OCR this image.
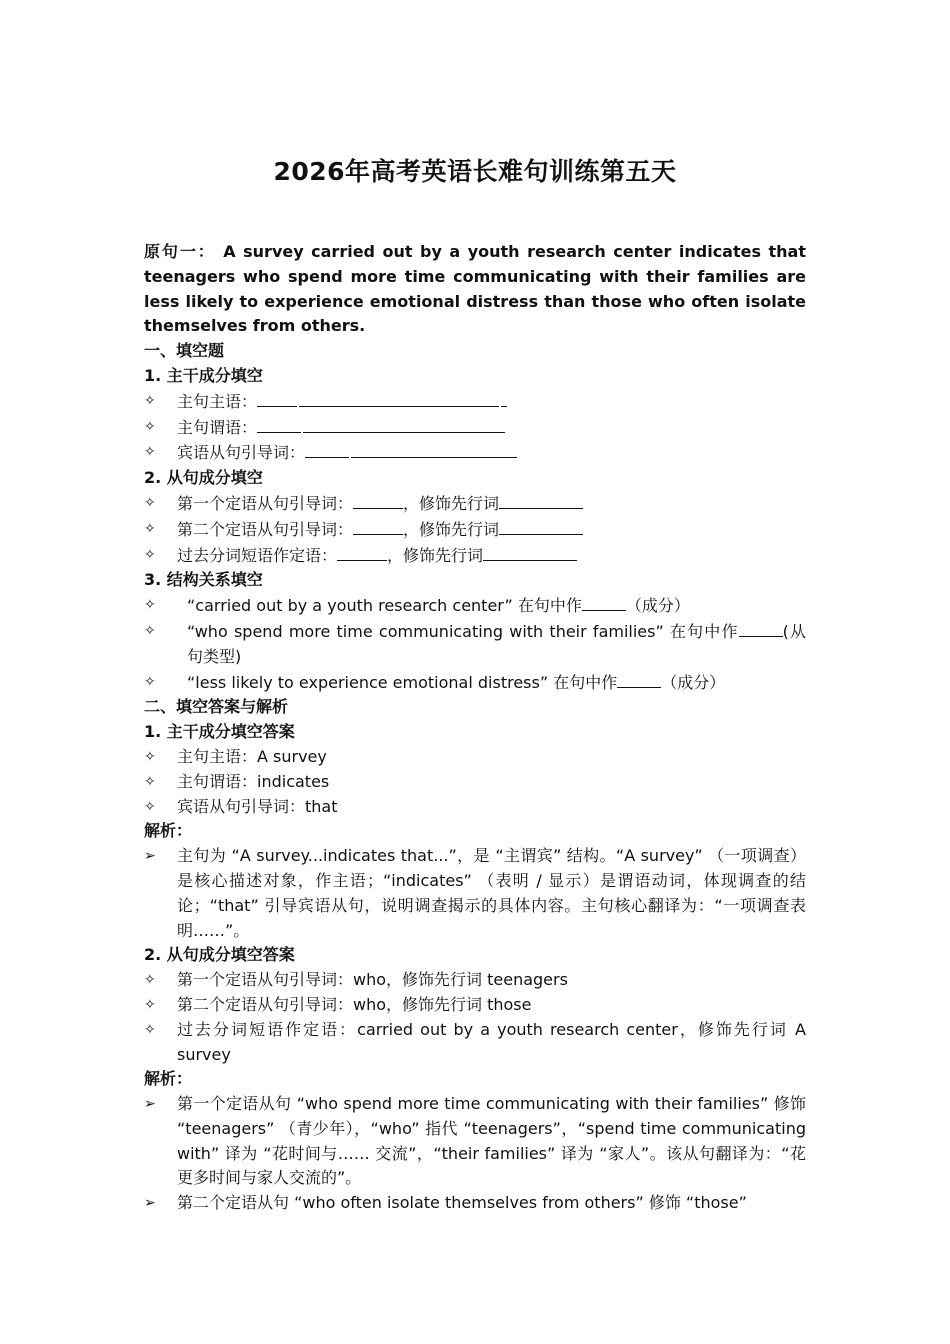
2026年高考英语长难句训练第五天

原句一： A survey carried out by a youth research center indicates that teenagers who spend more time communicating with their families are less likely to experience emotional distress than those who often isolate themselves from others.

一、填空题

1. 主干成分填空

✧	主句主语：
✧	主句谓语：
✧	宾语从句引导词：

2. 从句成分填空

✧	第一个定语从句引导词：	，修饰先行词
✧	第二个定语从句引导词：	，修饰先行词
✧	过去分词短语作定语：	，修饰先行词

3. 结构关系填空

✧	“carried out by a youth research center” 在句中作	（成分）
✧	“who spend more time communicating with their families” 在句中作	(从句类型)
✧	“less likely to experience emotional distress” 在句中作	（成分）

二、填空答案与解析

1. 主干成分填空答案

✧	主句主语：A survey
✧	主句谓语：indicates
✧	宾语从句引导词：that

解析：

➢	主句为 “A survey...indicates that...”，是 “主谓宾” 结构。“A survey” （一项调查）是核心描述对象，作主语；“indicates” （表明 / 显示）是谓语动词，体现调查的结论；“that” 引导宾语从句，说明调查揭示的具体内容。主句核心翻译为：“一项调查表明……”。

2. 从句成分填空答案

✧	第一个定语从句引导词：who，修饰先行词 teenagers
✧	第二个定语从句引导词：who，修饰先行词 those
✧	过去分词短语作定语：carried out by a youth research center，修饰先行词 A survey

解析：

➢	第一个定语从句 “who spend more time communicating with their families” 修饰 “teenagers” （青少年），“who” 指代 “teenagers”，“spend time communicating with” 译为 “花时间与…… 交流”，“their families” 译为 “家人”。该从句翻译为：“花更多时间与家人交流的”。
➢	第二个定语从句 “who often isolate themselves from others” 修饰 “those”
